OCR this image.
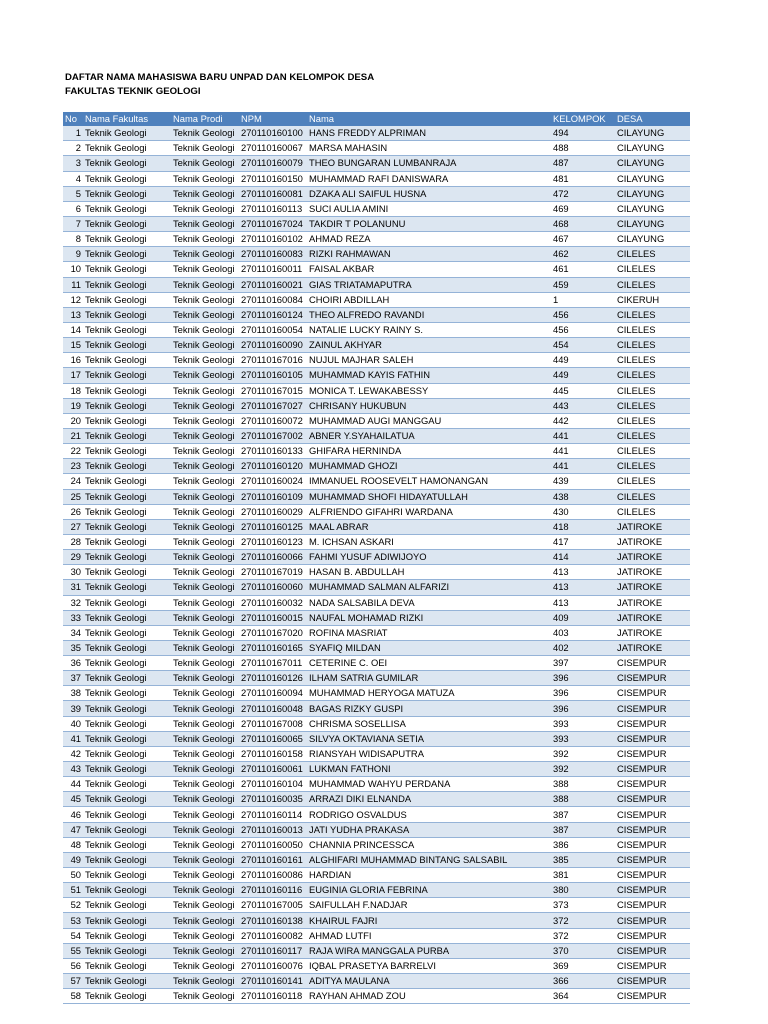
DAFTAR NAMA MAHASISWA BARU UNPAD DAN KELOMPOK DESA
FAKULTAS TEKNIK GEOLOGI
No	Nama Fakultas	Nama Prodi	NPM	Nama	KELOMPOK	DESA
1	Teknik Geologi	Teknik Geologi	270110160100	HANS FREDDY ALPRIMAN	494	CILAYUNG
2	Teknik Geologi	Teknik Geologi	270110160067	MARSA MAHASIN	488	CILAYUNG
3	Teknik Geologi	Teknik Geologi	270110160079	THEO BUNGARAN LUMBANRAJA	487	CILAYUNG
4	Teknik Geologi	Teknik Geologi	270110160150	MUHAMMAD RAFI DANISWARA	481	CILAYUNG
5	Teknik Geologi	Teknik Geologi	270110160081	DZAKA ALI SAIFUL HUSNA	472	CILAYUNG
6	Teknik Geologi	Teknik Geologi	270110160113	SUCI AULIA AMINI	469	CILAYUNG
7	Teknik Geologi	Teknik Geologi	270110167024	TAKDIR T POLANUNU	468	CILAYUNG
8	Teknik Geologi	Teknik Geologi	270110160102	AHMAD REZA	467	CILAYUNG
9	Teknik Geologi	Teknik Geologi	270110160083	RIZKI RAHMAWAN	462	CILELES
10	Teknik Geologi	Teknik Geologi	270110160011	FAISAL AKBAR	461	CILELES
11	Teknik Geologi	Teknik Geologi	270110160021	GIAS TRIATAMAPUTRA	459	CILELES
12	Teknik Geologi	Teknik Geologi	270110160084	CHOIRI ABDILLAH	1	CIKERUH
13	Teknik Geologi	Teknik Geologi	270110160124	THEO ALFREDO RAVANDI	456	CILELES
14	Teknik Geologi	Teknik Geologi	270110160054	NATALIE LUCKY RAINY S.	456	CILELES
15	Teknik Geologi	Teknik Geologi	270110160090	ZAINUL AKHYAR	454	CILELES
16	Teknik Geologi	Teknik Geologi	270110167016	NUJUL MAJHAR SALEH	449	CILELES
17	Teknik Geologi	Teknik Geologi	270110160105	MUHAMMAD KAYIS FATHIN	449	CILELES
18	Teknik Geologi	Teknik Geologi	270110167015	MONICA T. LEWAKABESSY	445	CILELES
19	Teknik Geologi	Teknik Geologi	270110167027	CHRISANY HUKUBUN	443	CILELES
20	Teknik Geologi	Teknik Geologi	270110160072	MUHAMMAD AUGI MANGGAU	442	CILELES
21	Teknik Geologi	Teknik Geologi	270110167002	ABNER Y.SYAHAILATUA	441	CILELES
22	Teknik Geologi	Teknik Geologi	270110160133	GHIFARA HERNINDA	441	CILELES
23	Teknik Geologi	Teknik Geologi	270110160120	MUHAMMAD GHOZI	441	CILELES
24	Teknik Geologi	Teknik Geologi	270110160024	IMMANUEL ROOSEVELT HAMONANGAN	439	CILELES
25	Teknik Geologi	Teknik Geologi	270110160109	MUHAMMAD SHOFI HIDAYATULLAH	438	CILELES
26	Teknik Geologi	Teknik Geologi	270110160029	ALFRIENDO GIFAHRI WARDANA	430	CILELES
27	Teknik Geologi	Teknik Geologi	270110160125	MAAL ABRAR	418	JATIROKE
28	Teknik Geologi	Teknik Geologi	270110160123	M. ICHSAN ASKARI	417	JATIROKE
29	Teknik Geologi	Teknik Geologi	270110160066	FAHMI YUSUF ADIWIJOYO	414	JATIROKE
30	Teknik Geologi	Teknik Geologi	270110167019	HASAN B. ABDULLAH	413	JATIROKE
31	Teknik Geologi	Teknik Geologi	270110160060	MUHAMMAD SALMAN ALFARIZI	413	JATIROKE
32	Teknik Geologi	Teknik Geologi	270110160032	NADA SALSABILA DEVA	413	JATIROKE
33	Teknik Geologi	Teknik Geologi	270110160015	NAUFAL MOHAMAD RIZKI	409	JATIROKE
34	Teknik Geologi	Teknik Geologi	270110167020	ROFINA MASRIAT	403	JATIROKE
35	Teknik Geologi	Teknik Geologi	270110160165	SYAFIQ MILDAN	402	JATIROKE
36	Teknik Geologi	Teknik Geologi	270110167011	CETERINE C. OEI	397	CISEMPUR
37	Teknik Geologi	Teknik Geologi	270110160126	ILHAM SATRIA GUMILAR	396	CISEMPUR
38	Teknik Geologi	Teknik Geologi	270110160094	MUHAMMAD HERYOGA MATUZA	396	CISEMPUR
39	Teknik Geologi	Teknik Geologi	270110160048	BAGAS RIZKY GUSPI	396	CISEMPUR
40	Teknik Geologi	Teknik Geologi	270110167008	CHRISMA SOSELLISA	393	CISEMPUR
41	Teknik Geologi	Teknik Geologi	270110160065	SILVYA OKTAVIANA SETIA	393	CISEMPUR
42	Teknik Geologi	Teknik Geologi	270110160158	RIANSYAH WIDISAPUTRA	392	CISEMPUR
43	Teknik Geologi	Teknik Geologi	270110160061	LUKMAN FATHONI	392	CISEMPUR
44	Teknik Geologi	Teknik Geologi	270110160104	MUHAMMAD WAHYU PERDANA	388	CISEMPUR
45	Teknik Geologi	Teknik Geologi	270110160035	ARRAZI DIKI ELNANDA	388	CISEMPUR
46	Teknik Geologi	Teknik Geologi	270110160114	RODRIGO OSVALDUS	387	CISEMPUR
47	Teknik Geologi	Teknik Geologi	270110160013	JATI YUDHA PRAKASA	387	CISEMPUR
48	Teknik Geologi	Teknik Geologi	270110160050	CHANNIA PRINCESSCA	386	CISEMPUR
49	Teknik Geologi	Teknik Geologi	270110160161	ALGHIFARI MUHAMMAD BINTANG SALSABIL	385	CISEMPUR
50	Teknik Geologi	Teknik Geologi	270110160086	HARDIAN	381	CISEMPUR
51	Teknik Geologi	Teknik Geologi	270110160116	EUGINIA GLORIA FEBRINA	380	CISEMPUR
52	Teknik Geologi	Teknik Geologi	270110167005	SAIFULLAH F.NADJAR	373	CISEMPUR
53	Teknik Geologi	Teknik Geologi	270110160138	KHAIRUL FAJRI	372	CISEMPUR
54	Teknik Geologi	Teknik Geologi	270110160082	AHMAD LUTFI	372	CISEMPUR
55	Teknik Geologi	Teknik Geologi	270110160117	RAJA WIRA MANGGALA PURBA	370	CISEMPUR
56	Teknik Geologi	Teknik Geologi	270110160076	IQBAL PRASETYA BARRELVI	369	CISEMPUR
57	Teknik Geologi	Teknik Geologi	270110160141	ADITYA MAULANA	366	CISEMPUR
58	Teknik Geologi	Teknik Geologi	270110160118	RAYHAN AHMAD ZOU	364	CISEMPUR
